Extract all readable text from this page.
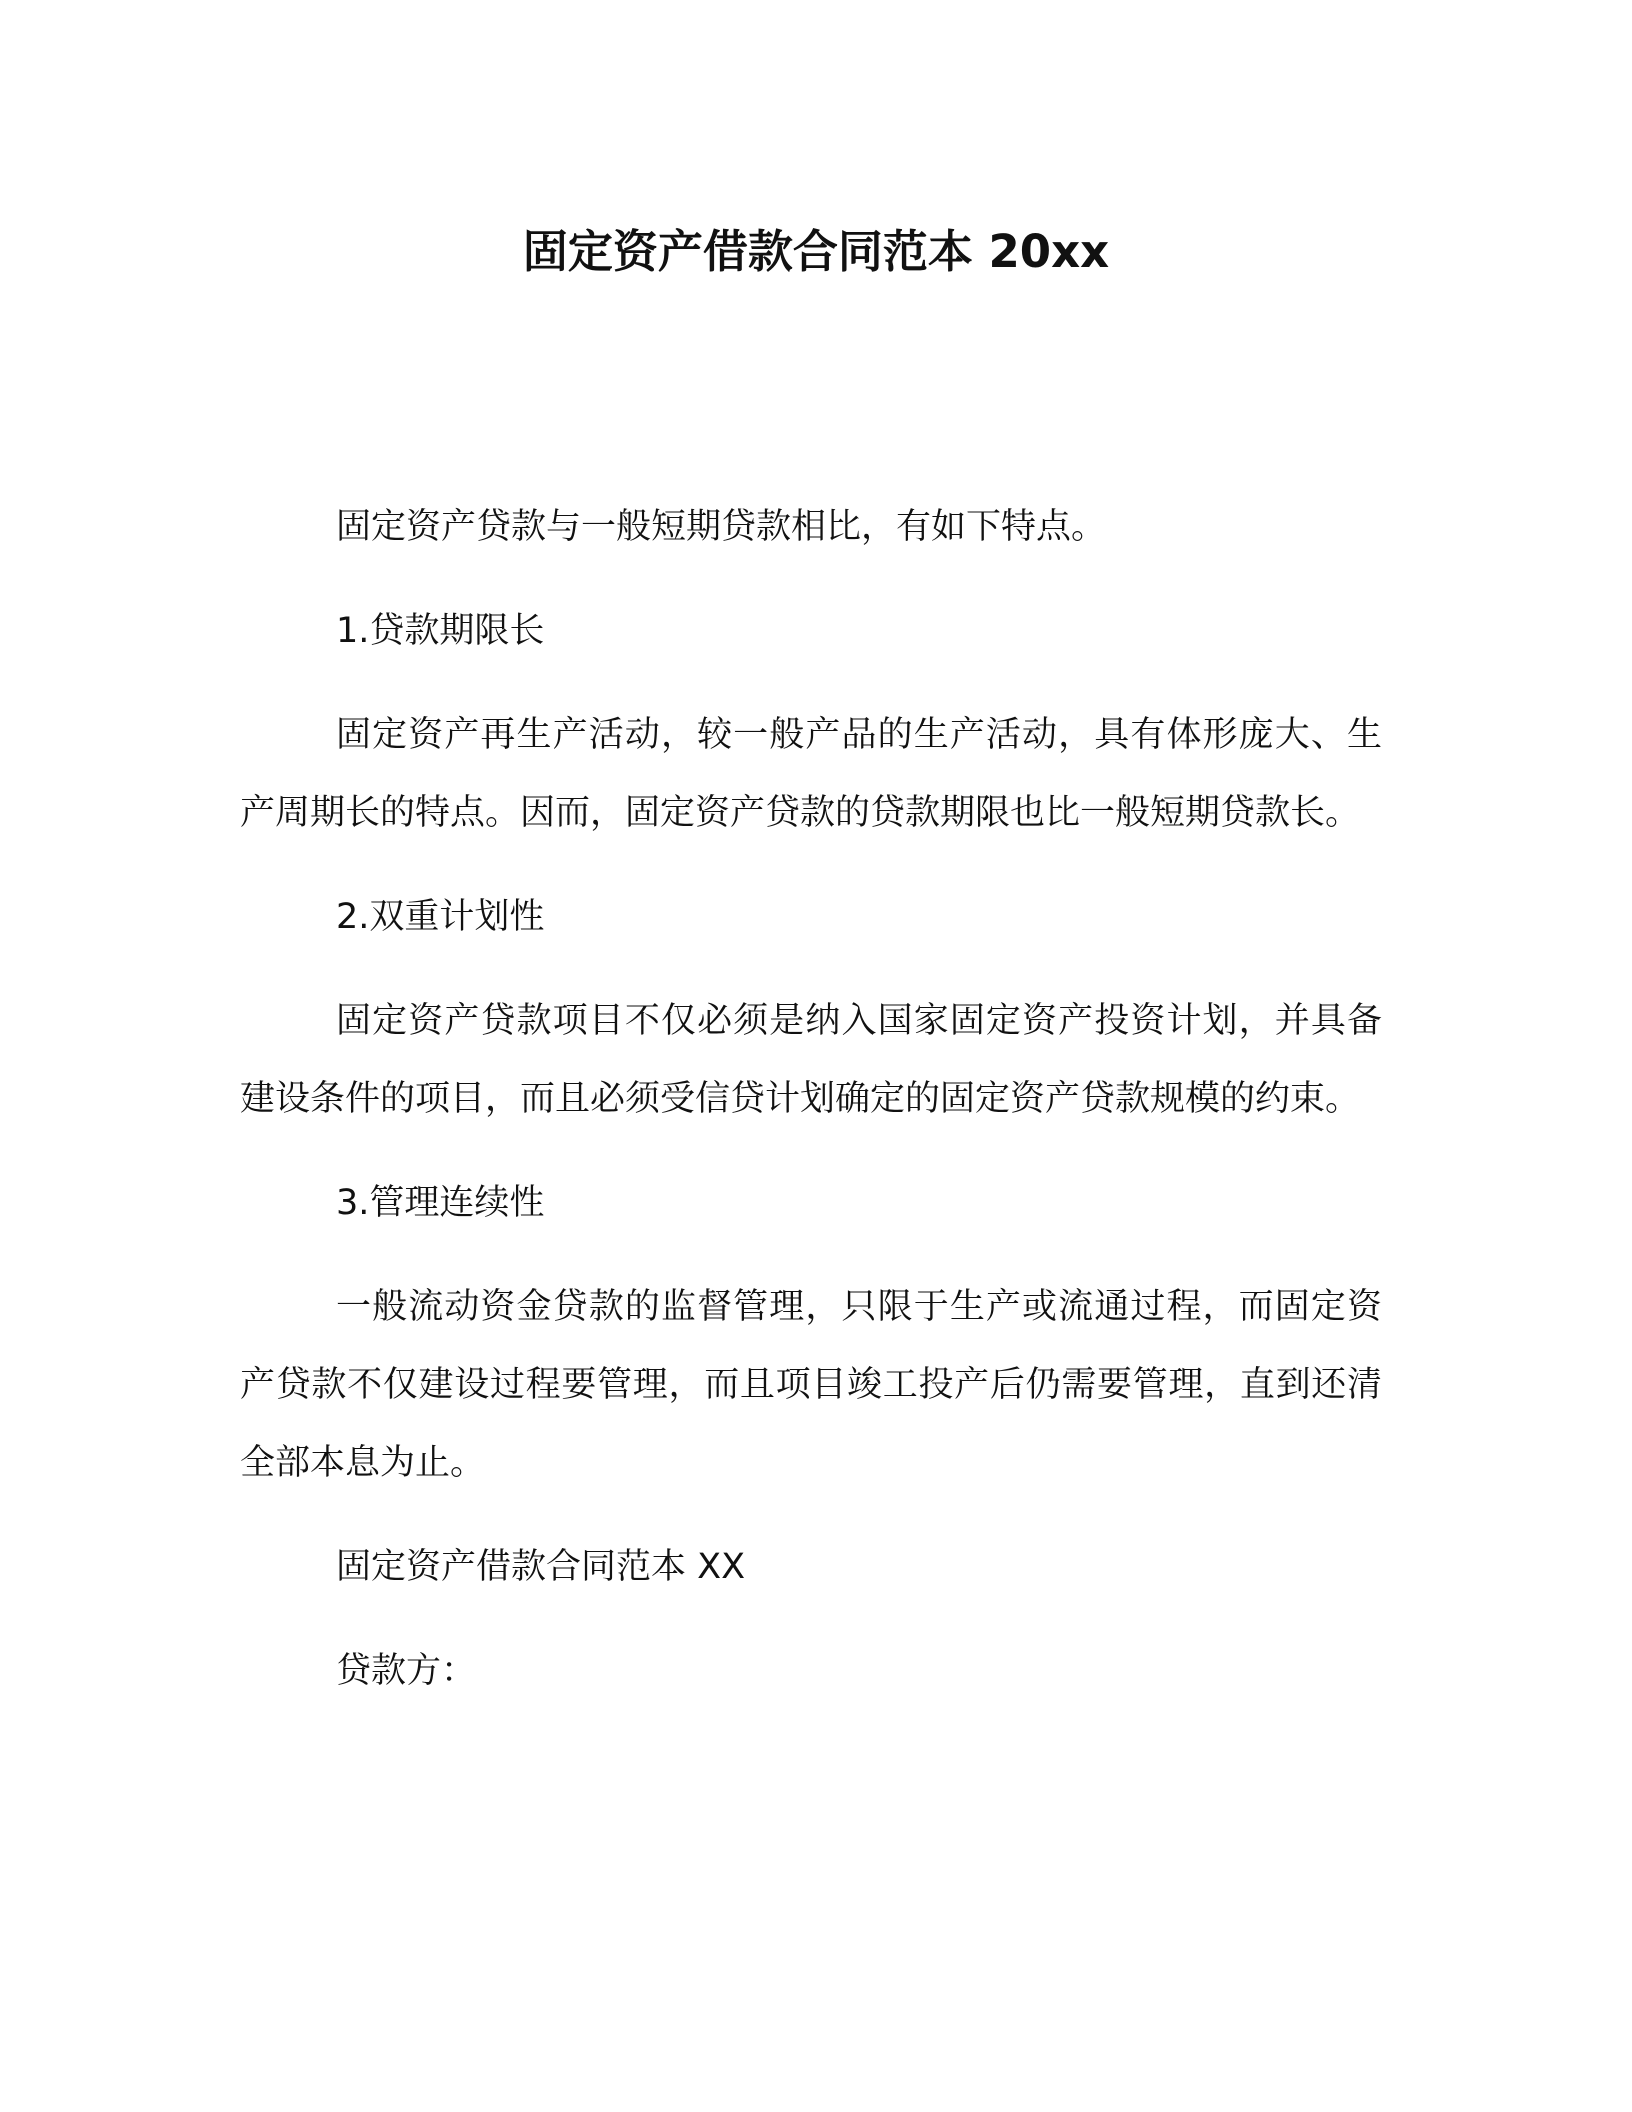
固定资产借款合同范本 20xx

固定资产贷款与一般短期贷款相比，有如下特点。

1.贷款期限长

固定资产再生产活动，较一般产品的生产活动，具有体形庞大、生产周期长的特点。因而，固定资产贷款的贷款期限也比一般短期贷款长。

2.双重计划性

固定资产贷款项目不仅必须是纳入国家固定资产投资计划，并具备建设条件的项目，而且必须受信贷计划确定的固定资产贷款规模的约束。

3.管理连续性

一般流动资金贷款的监督管理，只限于生产或流通过程，而固定资产贷款不仅建设过程要管理，而且项目竣工投产后仍需要管理，直到还清全部本息为止。

固定资产借款合同范本 XX

贷款方：
